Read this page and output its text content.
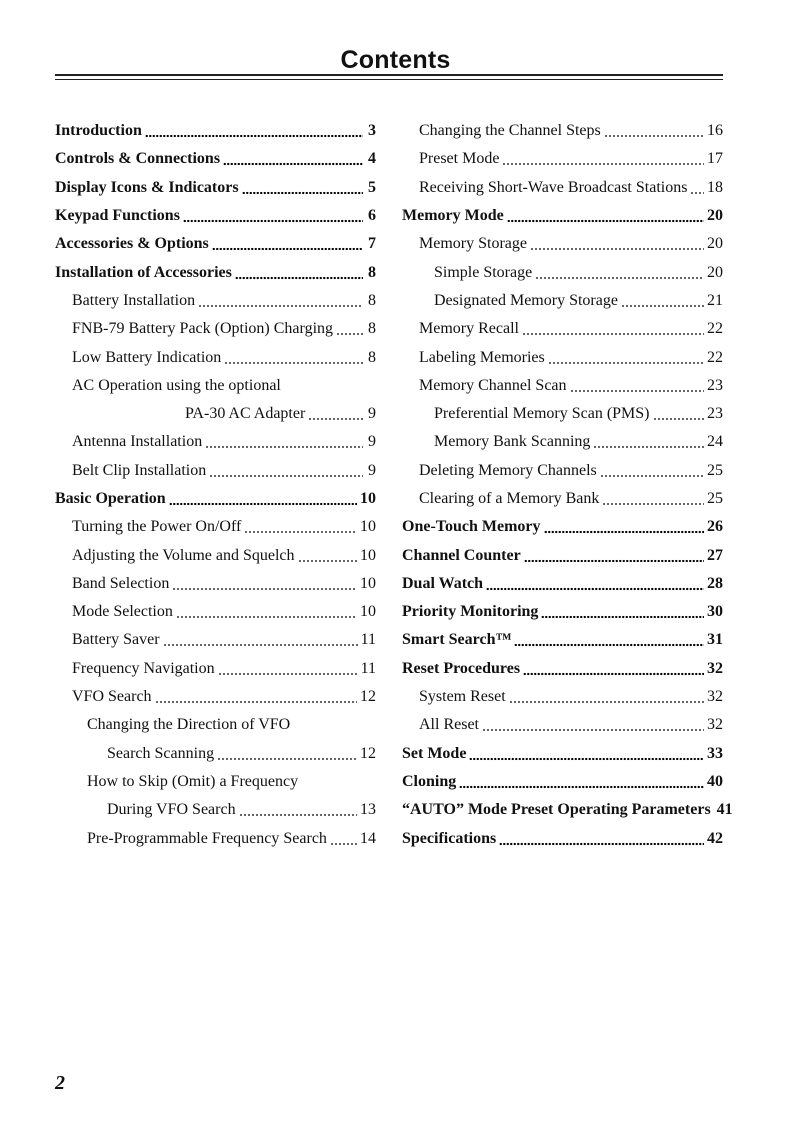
Contents
Introduction	3
Controls & Connections	4
Display Icons & Indicators	5
Keypad Functions	6
Accessories & Options	7
Installation of Accessories	8
Battery Installation	8
FNB-79 Battery Pack (Option) Charging 8
Low Battery Indication	8
AC Operation using the optional
PA-30 AC Adapter	9
Antenna Installation	9
Belt Clip Installation	9
Basic Operation	10
Turning the Power On/Off	10
Adjusting the Volume and Squelch	10
Band Selection	10
Mode Selection	10
Battery Saver	11
Frequency Navigation	11
VFO Search	12
Changing the Direction of VFO
Search Scanning	12
How to Skip (Omit) a Frequency
During VFO Search	13
Pre-Programmable Frequency Search 14
Changing the Channel Steps	16
Preset Mode	17
Receiving Short-Wave Broadcast Stations 18
Memory Mode	20
Memory Storage	20
Simple Storage	20
Designated Memory Storage	21
Memory Recall	22
Labeling Memories	22
Memory Channel Scan	23
Preferential Memory Scan (PMS)	23
Memory Bank Scanning	24
Deleting Memory Channels	25
Clearing of a Memory Bank	25
One-Touch Memory	26
Channel Counter	27
Dual Watch	28
Priority Monitoring	30
Smart Search™	31
Reset Procedures	32
System Reset	32
All Reset	32
Set Mode	33
Cloning	40
“AUTO” Mode Preset Operating Parameters 41
Specifications	42
2
